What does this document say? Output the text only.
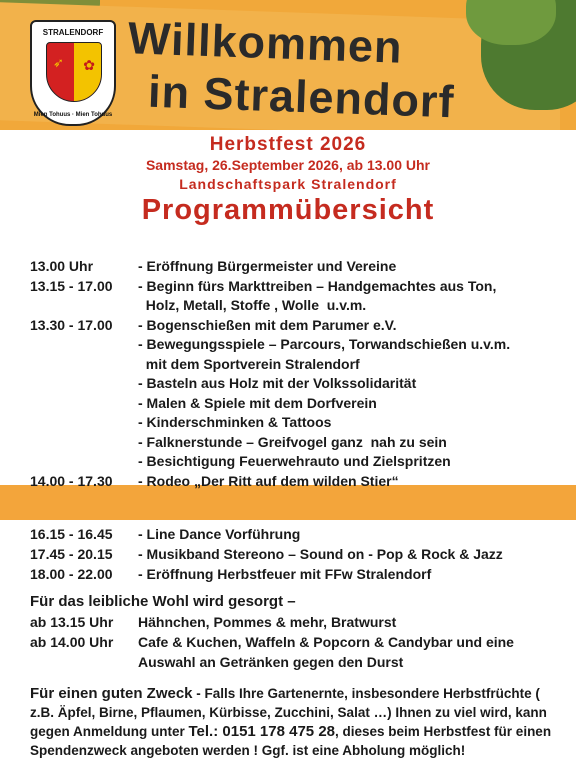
STRALENDORF
➶ ✿
Mien Tohuus · Mien Tohuus
Willkommen
in Stralendorf
Herbstfest 2026
Samstag, 26.September 2026, ab 13.00 Uhr
Landschaftspark Stralendorf
Programmübersicht
13.00 Uhr	- Eröffnung Bürgermeister und Vereine
13.15 - 17.00	- Beginn fürs Markttreiben – Handgemachtes aus Ton,
Holz, Metall, Stoffe , Wolle  u.v.m.
13.30 - 17.00	- Bogenschießen mit dem Parumer e.V.
- Bewegungsspiele – Parcours, Torwandschießen u.v.m.
mit dem Sportverein Stralendorf
- Basteln aus Holz mit der Volkssolidarität
- Malen & Spiele mit dem Dorfverein
- Kinderschminken & Tattoos
- Falknerstunde – Greifvogel ganz  nah zu sein
- Besichtigung Feuerwehrauto und Zielspritzen
14.00 - 17.30	- Rodeo „Der Ritt auf dem wilden Stier“
16.15 - 16.45	- Line Dance Vorführung
17.45 - 20.15	- Musikband Stereono – Sound on - Pop & Rock & Jazz
18.00 - 22.00	- Eröffnung Herbstfeuer mit FFw Stralendorf
Für das leibliche Wohl wird gesorgt –
ab 13.15 Uhr	Hähnchen, Pommes & mehr, Bratwurst
ab 14.00 Uhr	Cafe & Kuchen, Waffeln & Popcorn & Candybar und eine
Auswahl an Getränken gegen den Durst
Für einen guten Zweck - Falls Ihre Gartenernte, insbesondere Herbstfrüchte ( z.B. Äpfel, Birne, Pflaumen, Kürbisse, Zucchini, Salat …) Ihnen zu viel wird, kann gegen Anmeldung unter Tel.: 0151 178 475 28, dieses beim Herbstfest für einen Spendenzweck angeboten werden ! Ggf. ist eine Abholung möglich!
